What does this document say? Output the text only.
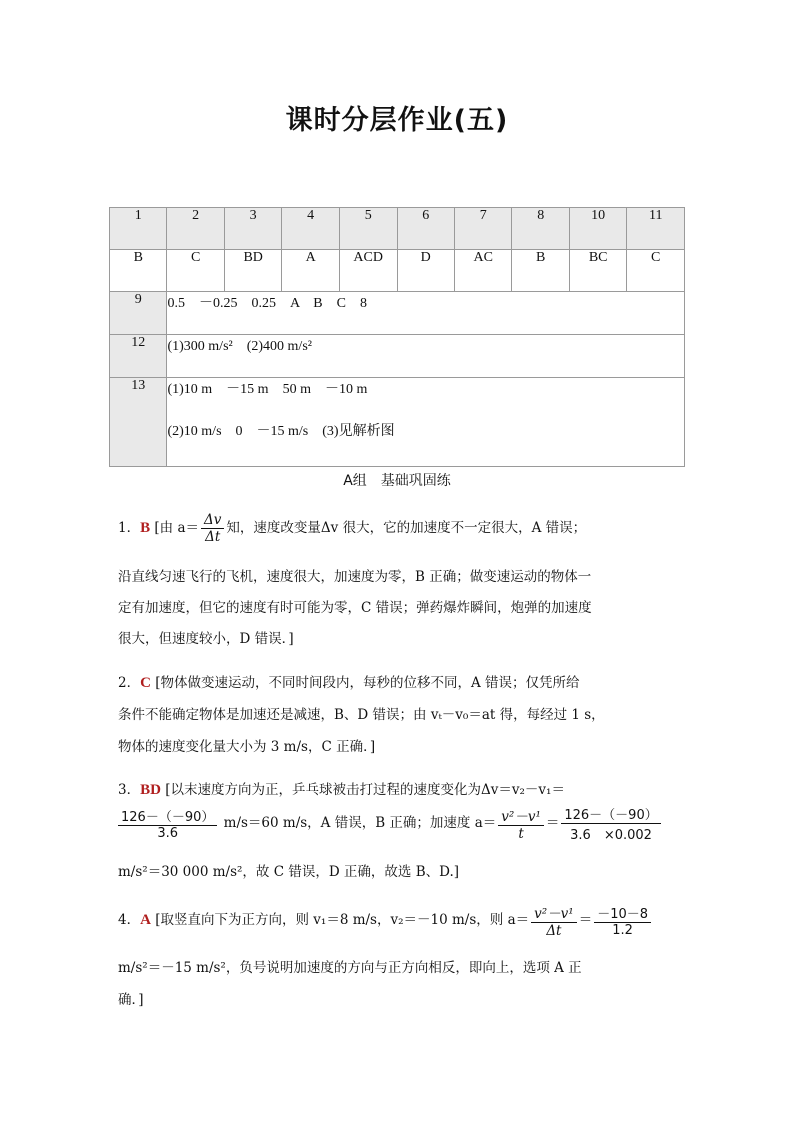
课时分层作业(五)
1	2	3	4	5	6	7	8	10	11
B	C	BD	A	ACD	D	AC	B	BC	C
9	0.5　－0.25　0.25　A　B　C　8								
12	(1)300 m/s²　(2)400 m/s²								
13	(1)10 m　－15 m　50 m　－10 m
(2)10 m/s　0　－15 m/s　(3)见解析图								
A组 基础巩固练
1．B [由 $a= \frac{\Delta v}{\Delta t}$ 知，速度改变量Δv 很大，它的加速度不一定很大，A 错误；
沿直线匀速飞行的飞机，速度很大，加速度为零，B 正确；做变速运动的物体一
定有加速度，但它的速度有时可能为零，C 错误；弹药爆炸瞬间，炮弹的加速度
很大，但速度较小，D 错误．]
2．C [物体做变速运动，不同时间段内，每秒的位移不同，A 错误；仅凭所给
条件不能确定物体是加速还是减速，B、D 错误；由 vₜ－v₀＝at 得，每经过 1 s，
物体的速度变化量大小为 3 m/s，C 正确．]
3．BD [以末速度方向为正，乒乓球被击打过程的速度变化为Δv＝v₂－v₁＝
$\frac{126-(-90)}{3.6} m/s=60$ m/s，A 错误，B 正确；加速度 $a= \frac{\text{v²－v¹}}{t} = \frac{126-(-90)}{3.6 \times 0.002}$
m/s²＝30 000 m/s²，故 C 错误，D 正确，故选 B、D.]
4．A [取竖直向下为正方向，则 v₁＝8 m/s，v₂＝－10 m/s，则 $a= \frac{\text{v²－v¹}}{\Delta t} = \frac{-10-8}{1.2}$
m/s²＝－15 m/s²，负号说明加速度的方向与正方向相反，即向上，选项 A 正
确．]
